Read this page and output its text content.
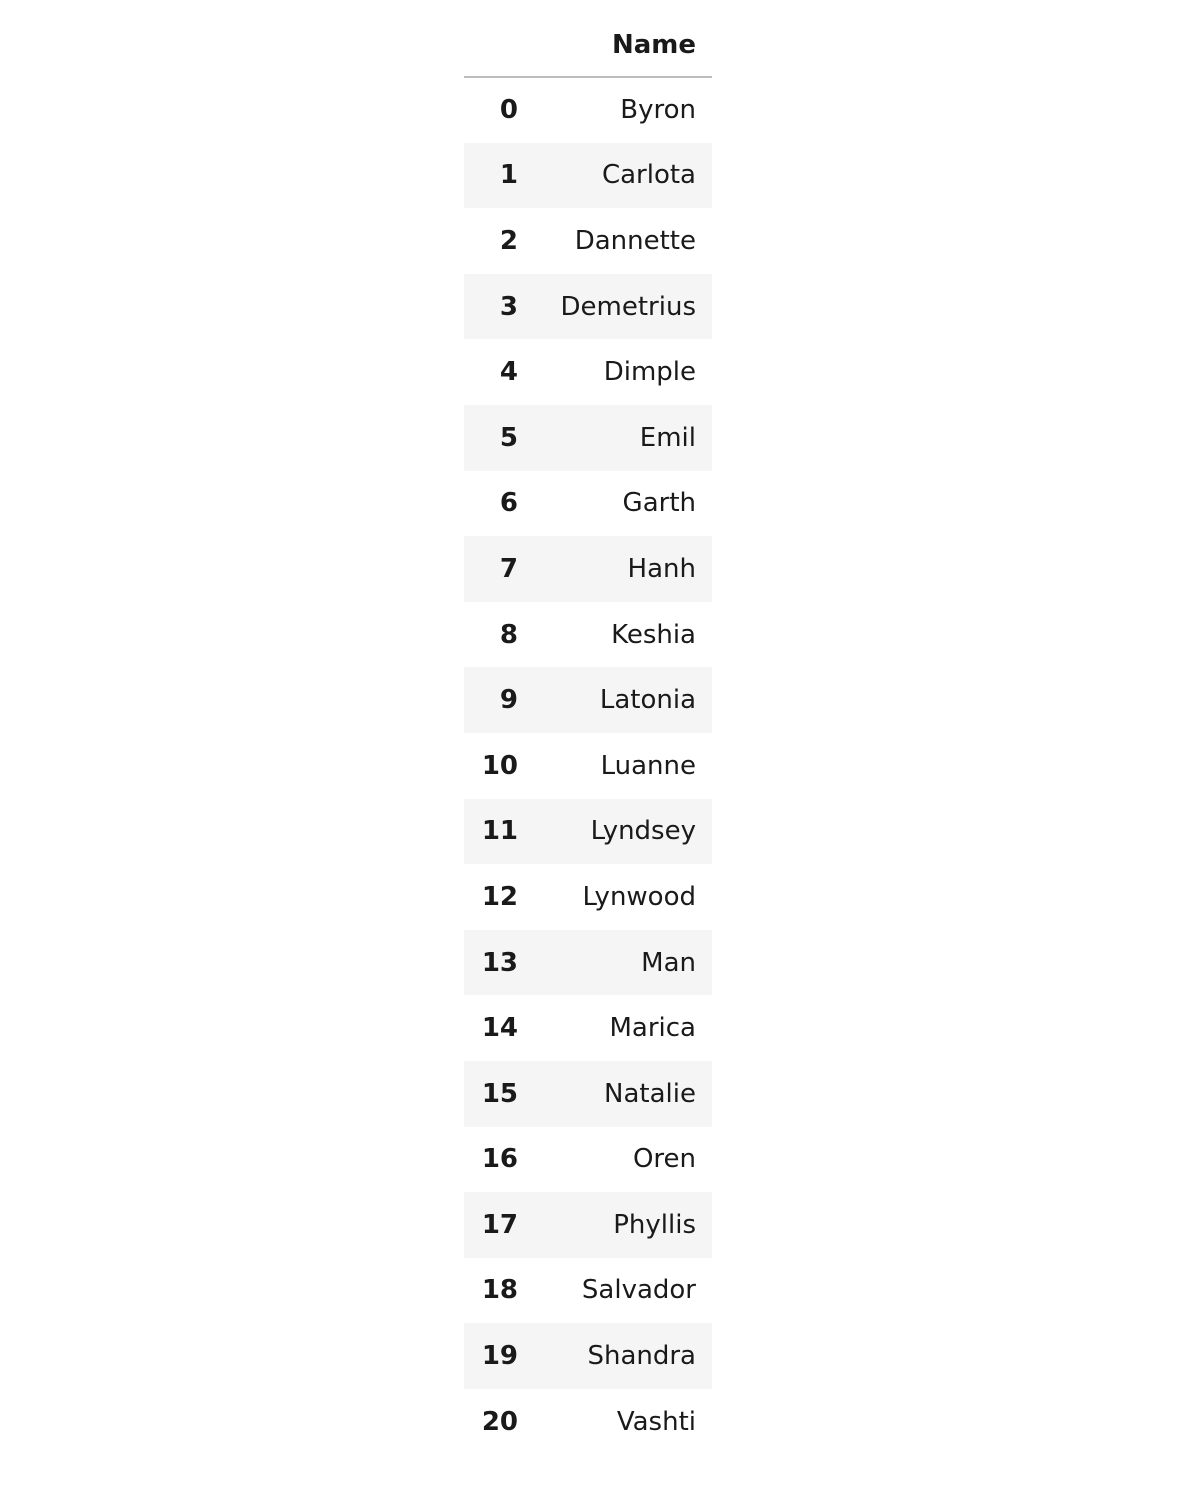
	Name
0	Byron
1	Carlota
2	Dannette
3	Demetrius
4	Dimple
5	Emil
6	Garth
7	Hanh
8	Keshia
9	Latonia
10	Luanne
11	Lyndsey
12	Lynwood
13	Man
14	Marica
15	Natalie
16	Oren
17	Phyllis
18	Salvador
19	Shandra
20	Vashti
